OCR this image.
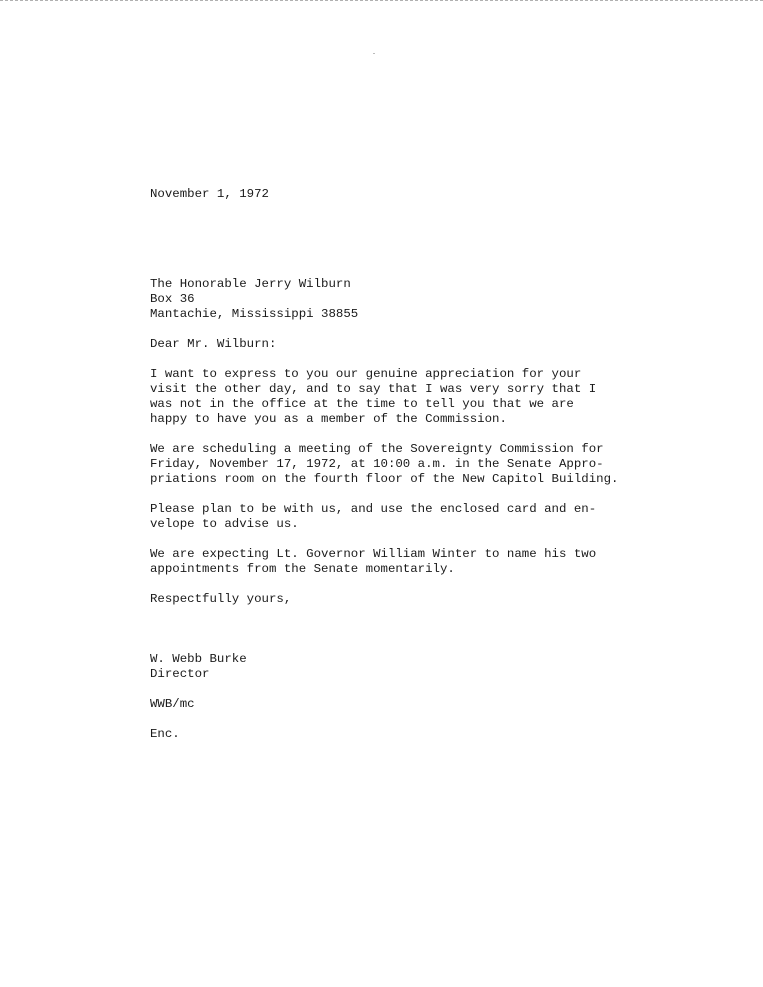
November 1, 1972
The Honorable Jerry Wilburn
Box 36
Mantachie, Mississippi 38855
Dear Mr. Wilburn:
I want to express to you our genuine appreciation for your
visit the other day, and to say that I was very sorry that I
was not in the office at the time to tell you that we are
happy to have you as a member of the Commission.
We are scheduling a meeting of the Sovereignty Commission for
Friday, November 17, 1972, at 10:00 a.m. in the Senate Appro-
priations room on the fourth floor of the New Capitol Building.
Please plan to be with us, and use the enclosed card and en-
velope to advise us.
We are expecting Lt. Governor William Winter to name his two
appointments from the Senate momentarily.
Respectfully yours,
W. Webb Burke
Director
WWB/mc
Enc.
